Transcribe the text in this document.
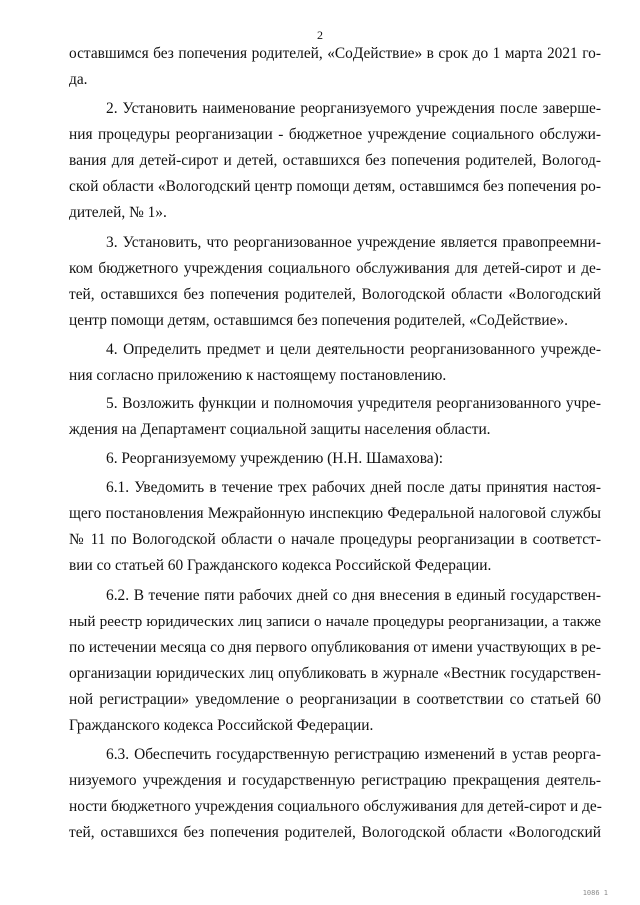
2
оставшимся без попечения родителей, «СоДействие» в срок до 1 марта 2021 го-
да.
2. Установить наименование реорганизуемого учреждения после заверше-
ния процедуры реорганизации - бюджетное учреждение социального обслужи-
вания для детей-сирот и детей, оставшихся без попечения родителей, Вологод-
ской области «Вологодский центр помощи детям, оставшимся без попечения ро-
дителей, № 1».
3. Установить, что реорганизованное учреждение является правопреемни-
ком бюджетного учреждения социального обслуживания для детей-сирот и де-
тей, оставшихся без попечения родителей, Вологодской области «Вологодский
центр помощи детям, оставшимся без попечения родителей, «СоДействие».
4. Определить предмет и цели деятельности реорганизованного учрежде-
ния согласно приложению к настоящему постановлению.
5. Возложить функции и полномочия учредителя реорганизованного учре-
ждения на Департамент социальной защиты населения области.
6. Реорганизуемому учреждению (Н.Н. Шамахова):
6.1. Уведомить в течение трех рабочих дней после даты принятия настоя-
щего постановления Межрайонную инспекцию Федеральной налоговой службы
№ 11 по Вологодской области о начале процедуры реорганизации в соответст-
вии со статьей 60 Гражданского кодекса Российской Федерации.
6.2. В течение пяти рабочих дней со дня внесения в единый государствен-
ный реестр юридических лиц записи о начале процедуры реорганизации, а также
по истечении месяца со дня первого опубликования от имени участвующих в ре-
организации юридических лиц опубликовать в журнале «Вестник государствен-
ной регистрации» уведомление о реорганизации в соответствии со статьей 60
Гражданского кодекса Российской Федерации.
6.3. Обеспечить государственную регистрацию изменений в устав реорга-
низуемого учреждения и государственную регистрацию прекращения деятель-
ности бюджетного учреждения социального обслуживания для детей-сирот и де-
тей, оставшихся без попечения родителей, Вологодской области «Вологодский
1086 1
